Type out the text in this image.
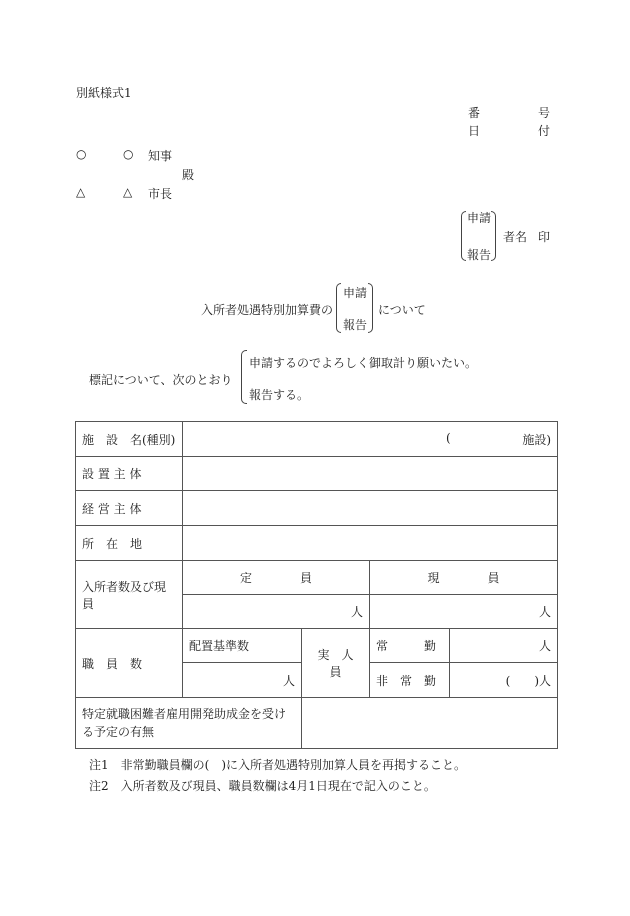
別紙様式1
番	号
日	付
○	○ 知事
殿
△	△ 市長
申請
報告
者名 印
入所者処遇特別加算費の
申請
報告
について
標記について、次のとおり
申請するのでよろしく御取計り願いたい。
報告する。
施　設　名(種別)	( 施設)			

設 置 主 体				
経 営 主 体				
所　在　地				
入所者数及び現員	定　　　　員		現　　　　員	
	人		人	
職　員　数	配置基準数	実　人　員	常　　　勤	人
	人		非　常　勤	(　　)人
特定就職困難者雇用開発助成金を受ける予定の有無				
注1　非常勤職員欄の(　)に入所者処遇特別加算人員を再掲すること。
注2　入所者数及び現員、職員数欄は4月1日現在で記入のこと。
